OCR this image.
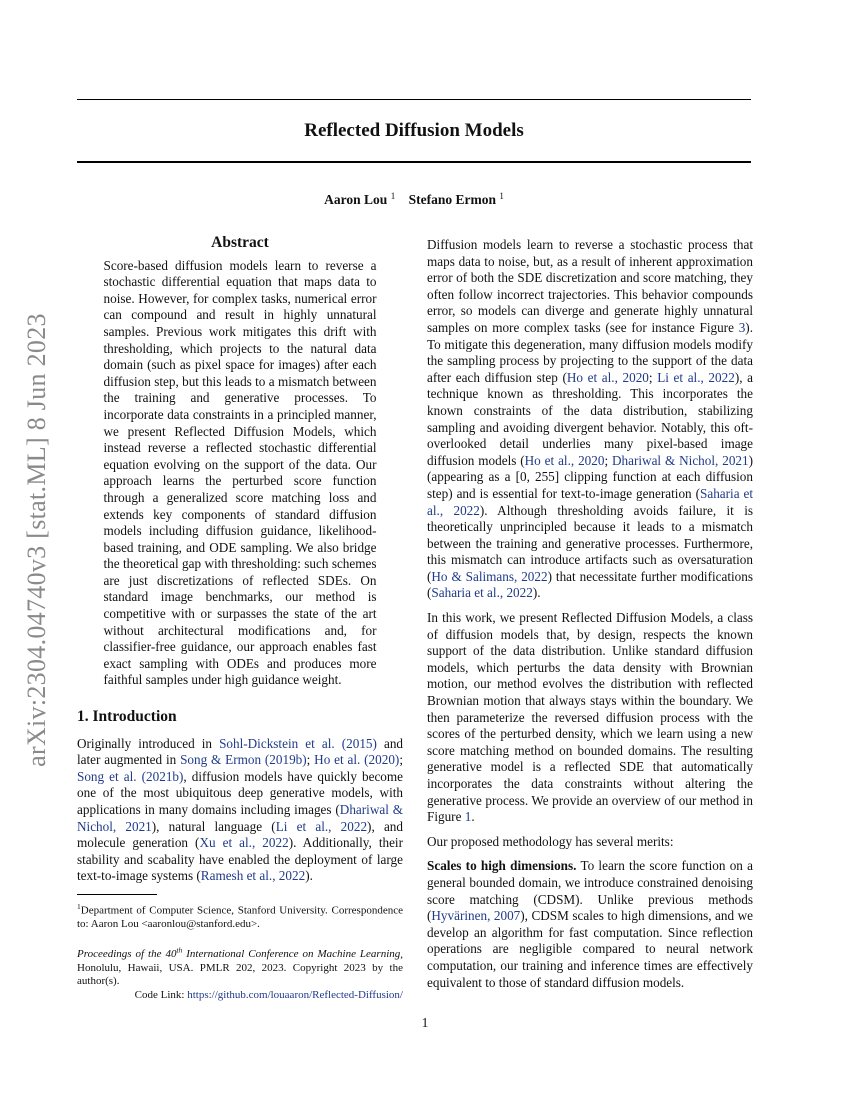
Reflected Diffusion Models
Aaron Lou $^1$ Stefano Ermon $^1$
arXiv:2304.04740v3 [stat.ML] 8 Jun 2023
Abstract
Score-based diffusion models learn to reverse a stochastic differential equation that maps data to noise. However, for complex tasks, numerical error can compound and result in highly unnatural samples. Previous work mitigates this drift with thresholding, which projects to the natural data domain (such as pixel space for images) after each diffusion step, but this leads to a mismatch between the training and generative processes. To incorporate data constraints in a principled manner, we present Reflected Diffusion Models, which instead reverse a reflected stochastic differential equation evolving on the support of the data. Our approach learns the perturbed score function through a generalized score matching loss and extends key components of standard diffusion models including diffusion guidance, likelihood-based training, and ODE sampling. We also bridge the theoretical gap with thresholding: such schemes are just discretizations of reflected SDEs. On standard image benchmarks, our method is competitive with or surpasses the state of the art without architectural modifications and, for classifier-free guidance, our approach enables fast exact sampling with ODEs and produces more faithful samples under high guidance weight.
1. Introduction

Originally introduced in Sohl-Dickstein et al. (2015) and later augmented in Song & Ermon (2019b); Ho et al. (2020); Song et al. (2021b), diffusion models have quickly become one of the most ubiquitous deep generative models, with applications in many domains including images (Dhariwal & Nichol, 2021), natural language (Li et al., 2022), and molecule generation (Xu et al., 2022). Additionally, their stability and scabality have enabled the deployment of large text-to-image systems (Ramesh et al., 2022).

$^1$Department of Computer Science, Stanford University. Correspondence to: Aaron Lou <aaronlou@stanford.edu>.
Proceedings of the 40th International Conference on Machine Learning, Honolulu, Hawaii, USA. PMLR 202, 2023. Copyright 2023 by the author(s).
Code Link: https://github.com/louaaron/Reflected-Diffusion/

Diffusion models learn to reverse a stochastic process that maps data to noise, but, as a result of inherent approximation error of both the SDE discretization and score matching, they often follow incorrect trajectories. This behavior compounds error, so models can diverge and generate highly unnatural samples on more complex tasks (see for instance Figure 3). To mitigate this degeneration, many diffusion models modify the sampling process by projecting to the support of the data after each diffusion step (Ho et al., 2020; Li et al., 2022), a technique known as thresholding. This incorporates the known constraints of the data distribution, stabilizing sampling and avoiding divergent behavior. Notably, this oft-overlooked detail underlies many pixel-based image diffusion models (Ho et al., 2020; Dhariwal & Nichol, 2021) (appearing as a [0, 255] clipping function at each diffusion step) and is essential for text-to-image generation (Saharia et al., 2022). Although thresholding avoids failure, it is theoretically unprincipled because it leads to a mismatch between the training and generative processes. Furthermore, this mismatch can introduce artifacts such as oversaturation (Ho & Salimans, 2022) that necessitate further modifications (Saharia et al., 2022).

In this work, we present Reflected Diffusion Models, a class of diffusion models that, by design, respects the known support of the data distribution. Unlike standard diffusion models, which perturbs the data density with Brownian motion, our method evolves the distribution with reflected Brownian motion that always stays within the boundary. We then parameterize the reversed diffusion process with the scores of the perturbed density, which we learn using a new score matching method on bounded domains. The resulting generative model is a reflected SDE that automatically incorporates the data constraints without altering the generative process. We provide an overview of our method in Figure 1.

Our proposed methodology has several merits:

Scales to high dimensions. To learn the score function on a general bounded domain, we introduce constrained denoising score matching (CDSM). Unlike previous methods (Hyvärinen, 2007), CDSM scales to high dimensions, and we develop an algorithm for fast computation. Since reflection operations are negligible compared to neural network computation, our training and inference times are effectively equivalent to those of standard diffusion models.

1
